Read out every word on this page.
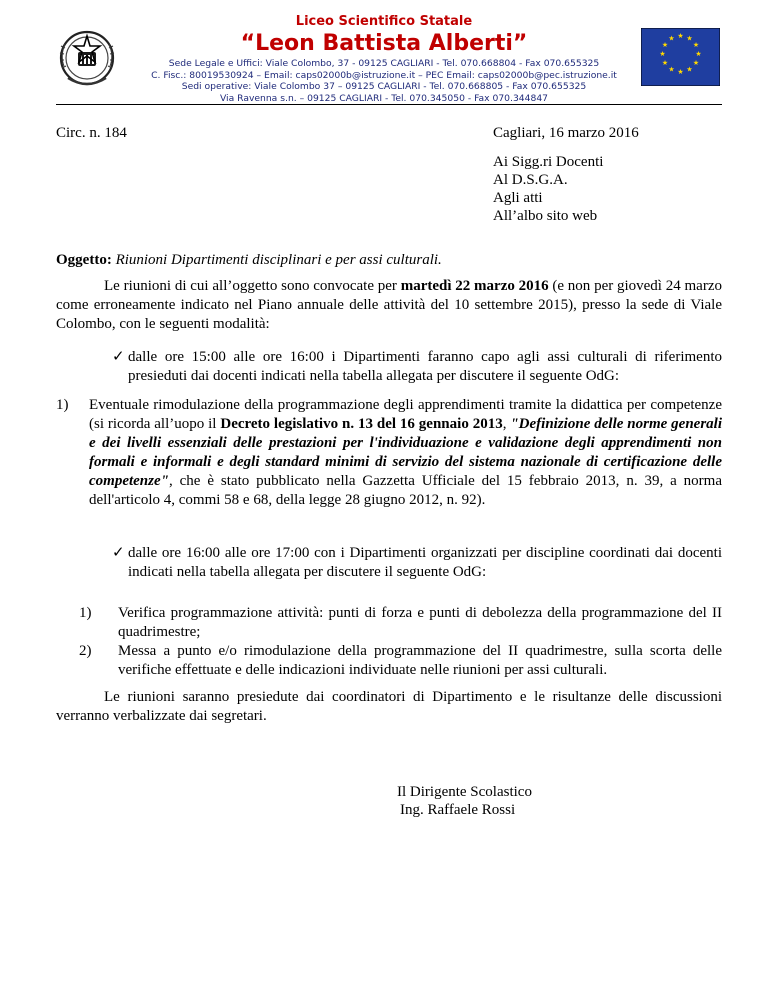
Liceo Scientifico Statale
“Leon Battista Alberti”
Sede Legale e Uffici: Viale Colombo, 37 - 09125 CAGLIARI - Tel. 070.668804 - Fax 070.655325
C. Fisc.: 80019530924 – Email: caps02000b@istruzione.it – PEC Email: caps02000b@pec.istruzione.it
Sedi operative: Viale Colombo 37 – 09125 CAGLIARI - Tel. 070.668805 - Fax 070.655325
Via Ravenna s.n. – 09125 CAGLIARI - Tel. 070.345050 - Fax 070.344847
★ ★
★
★
★
★
★
★
★
★
★
★
Circ. n. 184	Cagliari, 16 marzo 2016
Ai Sigg.ri Docenti
Al D.S.G.A.
Agli atti
All’albo sito web
Oggetto: Riunioni Dipartimenti disciplinari e per assi culturali.
Le riunioni di cui all’oggetto sono convocate per martedì 22 marzo 2016 (e non per giovedì 24 marzo come erroneamente indicato nel Piano annuale delle attività del 10 settembre 2015), presso la sede di Viale Colombo, con le seguenti modalità:
✓ dalle ore 15:00 alle ore 16:00 i Dipartimenti faranno capo agli assi culturali di riferimento presieduti dai docenti indicati nella tabella allegata per discutere il seguente OdG:
1) Eventuale rimodulazione della programmazione degli apprendimenti tramite la didattica per competenze (si ricorda all’uopo il Decreto legislativo n. 13 del 16 gennaio 2013, "Definizione delle norme generali e dei livelli essenziali delle prestazioni per l'individuazione e validazione degli apprendimenti non formali e informali e degli standard minimi di servizio del sistema nazionale di certificazione delle competenze", che è stato pubblicato nella Gazzetta Ufficiale del 15 febbraio 2013, n. 39, a norma dell'articolo 4, commi 58 e 68, della legge 28 giugno 2012, n. 92).
✓ dalle ore 16:00 alle ore 17:00 con i Dipartimenti organizzati per discipline coordinati dai docenti indicati nella tabella allegata per discutere il seguente OdG:
1) Verifica programmazione attività: punti di forza e punti di debolezza della programmazione del II quadrimestre;
2) Messa a punto e/o rimodulazione della programmazione del II quadrimestre, sulla scorta delle verifiche effettuate e delle indicazioni individuate nelle riunioni per assi culturali.
Le riunioni saranno presiedute dai coordinatori di Dipartimento e le risultanze delle discussioni verranno verbalizzate dai segretari.
Il Dirigente Scolastico
Ing. Raffaele Rossi
